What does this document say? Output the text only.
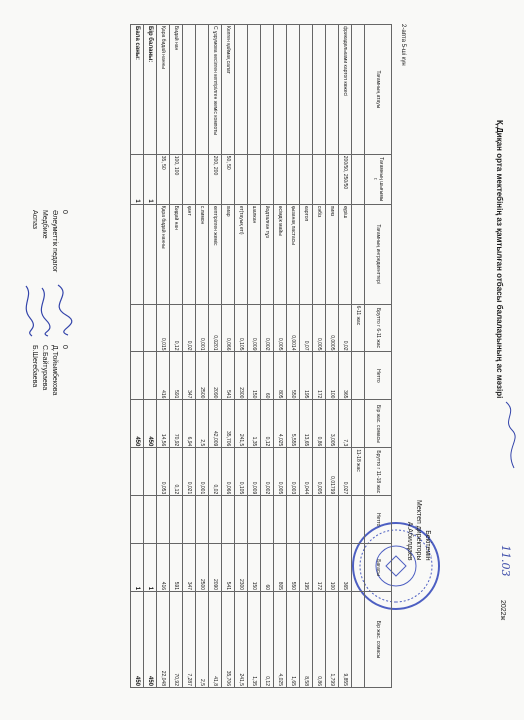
Қ.Диқан орта мектебінің аз қамтылған отбасы балаларының ас мәзірі
11.03
2022ж
2-апта 5-ші күн
Бекітемін
Мектеп директоры
А.Абилдаев
Тағамның атауы	Тағамның шығымы г.	Тағамның ингредиенттері	Брутто г 6-11 жас	Нетто	Бір жас. сомасы	Брутто г 11-18 жас	Нетто	Бағасы	Бір жас. сомасы
			6-11 жас			11-18 жас			
фрикадельками картоп көжесі	200/50, 250/50	күріш	0,02	365	7,3	0,027		365	9,855
		пияз	0,0005	100	3,005	0,01799		100	1,799
		сәбіз	0,005	172	0,86	0,005		172	0,86
		картоп	0,07	195	13,65	0,044		195	8,58
		қызанақ пастасы	0,0014	550	5,555	0,003		550	1,65
		өсімдік майы	0,005	805	4,025	0,005		805	4,025
		йодталған тұз	0,002	60	0,12	0,002		60	0,12
		шалкан	0,009	150	1,35	0,009		150	1,35
		ет(тауық еті)	0,105	2300	241,5	0,105		2300	241,5
Келген қаймақ салат	50, 50	хиар	0,066	541	35,706	0,066		541	35,706
С ұзрумова кесілген кептірілген жеміс компоты	200, 200	кептірілген жеміс	0,0201	2090	42,009	0,02		2090	41,8
		с.лимон	0,001	2500	2,5	0,001		2500	2,5
		қант	0,02	347	6,94	0,021		347	7,287
Бидай нан	100, 100	Бидай нан	0,12	591	70,92	0,12		591	70,92
Қара бидай нанны	35, 50	Қара бидай нанны	0,015	416	14,56	0,053		416	22,048
Бір баланы:	1				450			1	450
Бала саны:	1				450			1	450
0
0
Әлеуметтік педагог
Д.Тойымбекова
Медбике
С.Байтураева
Аспаз
Б.Шегебаева
